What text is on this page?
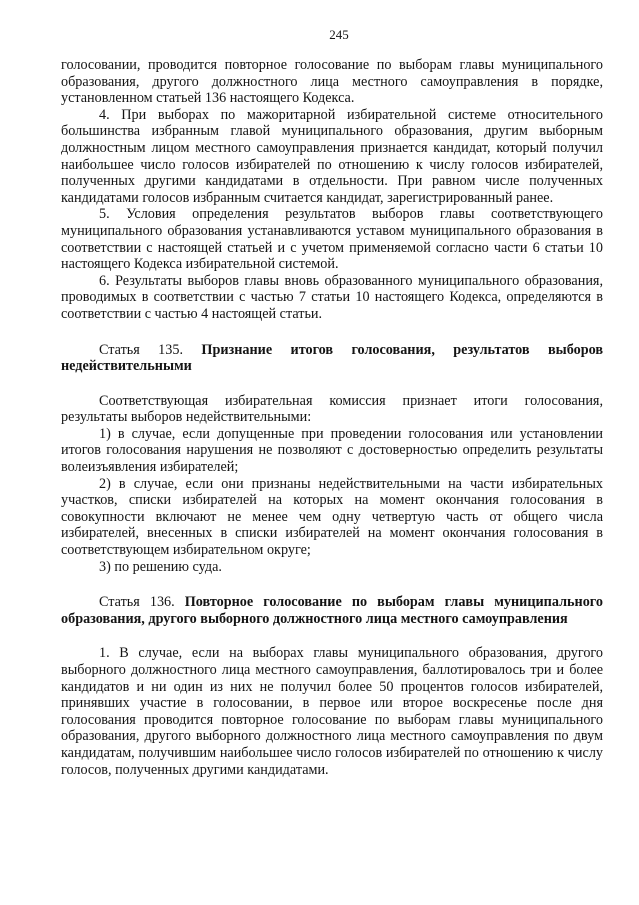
245

голосовании, проводится повторное голосование по выборам главы муниципального образования, другого должностного лица местного самоуправления в порядке, установленном статьей 136 настоящего Кодекса.

4. При выборах по мажоритарной избирательной системе относительного большинства избранным главой муниципального образования, другим выборным должностным лицом местного самоуправления признается кандидат, который получил наибольшее число голосов избирателей по отношению к числу голосов избирателей, полученных другими кандидатами в отдельности. При равном числе полученных кандидатами голосов избранным считается кандидат, зарегистрированный ранее.

5. Условия определения результатов выборов главы соответствующего муниципального образования устанавливаются уставом муниципального образования в соответствии с настоящей статьей и с учетом применяемой согласно части 6 статьи 10 настоящего Кодекса избирательной системой.

6. Результаты выборов главы вновь образованного муниципального образования, проводимых в соответствии с частью 7 статьи 10 настоящего Кодекса, определяются в соответствии с частью 4 настоящей статьи.

Статья 135. Признание итогов голосования, результатов выборов недействительными

Соответствующая избирательная комиссия признает итоги голосования, результаты выборов недействительными:

1) в случае, если допущенные при проведении голосования или установлении итогов голосования нарушения не позволяют с достоверностью определить результаты волеизъявления избирателей;

2) в случае, если они признаны недействительными на части избирательных участков, списки избирателей на которых на момент окончания голосования в совокупности включают не менее чем одну четвертую часть от общего числа избирателей, внесенных в списки избирателей на момент окончания голосования в соответствующем избирательном округе;

3) по решению суда.

Статья 136. Повторное голосование по выборам главы муниципального образования, другого выборного должностного лица местного самоуправления

1. В случае, если на выборах главы муниципального образования, другого выборного должностного лица местного самоуправления, баллотировалось три и более кандидатов и ни один из них не получил более 50 процентов голосов избирателей, принявших участие в голосовании, в первое или второе воскресенье после дня голосования проводится повторное голосование по выборам главы муниципального образования, другого выборного должностного лица местного самоуправления по двум кандидатам, получившим наибольшее число голосов избирателей по отношению к числу голосов, полученных другими кандидатами.
